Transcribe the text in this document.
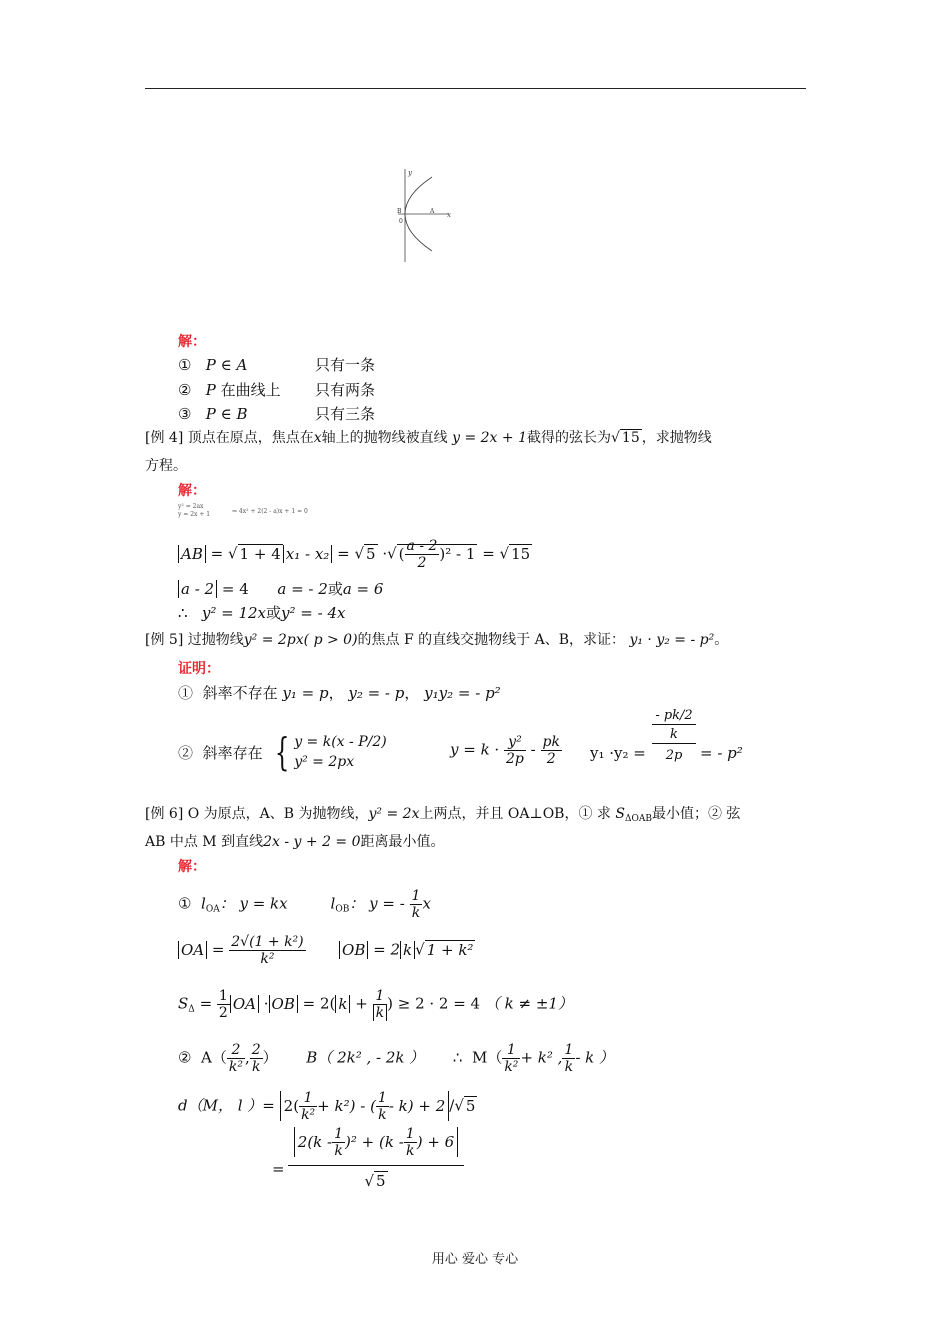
y
x
B	A
0
解：
① P ∈ A	只有一条
② P 在曲线上 只有两条
③ P ∈ B	只有三条
[例 4] 顶点在原点，焦点在x轴上的抛物线被直线 y = 2x + 1截得的弦长为√ 15 ，求抛物线
方程。
解：
y² = 2ax
y = 2x + 1	⇒ 4x² + 2(2 - a)x + 1 = 0
AB = √ 1 + 4 x₁ - x₂ = √ 5 ·√ ( $\frac{a - 2}{2} )^2 - 1$ = √ 15
a - 2 = 4 a = - 2或a = 6
∴ y² = 12x或y² = - 4x
[例 5] 过抛物线y² = 2px( p > 0)的焦点 F 的直线交抛物线于 A、B，求证： y₁ · y₂ = - p²。
证明：
① 斜率不存在 y₁ = p， y₂ = - p， y₁y₂ = - p²
② 斜率存在 { y = k(x - P/2)
y² = 2px
$y = k \cdot \frac{\text{y²}}{2p} - \frac{pk}{2} y_1 \cdot y_2$ =
- pk/2
k
2p	= - p²
[例 6] O 为原点，A、B 为抛物线，y² = 2x上两点，并且 OA⊥OB，① 求 $S_{\Delta OAB}$最小值；② 弦
AB 中点 M 到直线2x - y + 2 = 0距离最小值。
解：
① $l_{OA}$： y = kx	$l_{OB}$： y = - $\frac{1}{k}$ x
OA = $\frac{\text{2√(1 + k²)}}{\text{k²}}$ OB = 2 k √ 1 + k²
$S_\Delta = \frac{1}{2}$ OA · OB = 2( $k + \frac{1}{k}$ ) ≥ 2 · 2 = 4 （ k ≠ ±1）
② $A( \frac{2}{\text{k²}}$ , $\frac{2}{k}$ ） B（ 2k² , - 2k ） ∴ $M( \frac{1}{\text{k²}} + k^2$ , $\frac{1}{k}$ - k ）
d（M， l ）= $2( \frac{1}{\text{k²}} + k^2)$ - ( $\frac{1}{k} - k) + 2$ /√ 5
= $\frac{2(k - \frac{1}{k} )^2 + (k - \frac{1}{k} ) + 6}{√ 5}$
用心 爱心 专心
